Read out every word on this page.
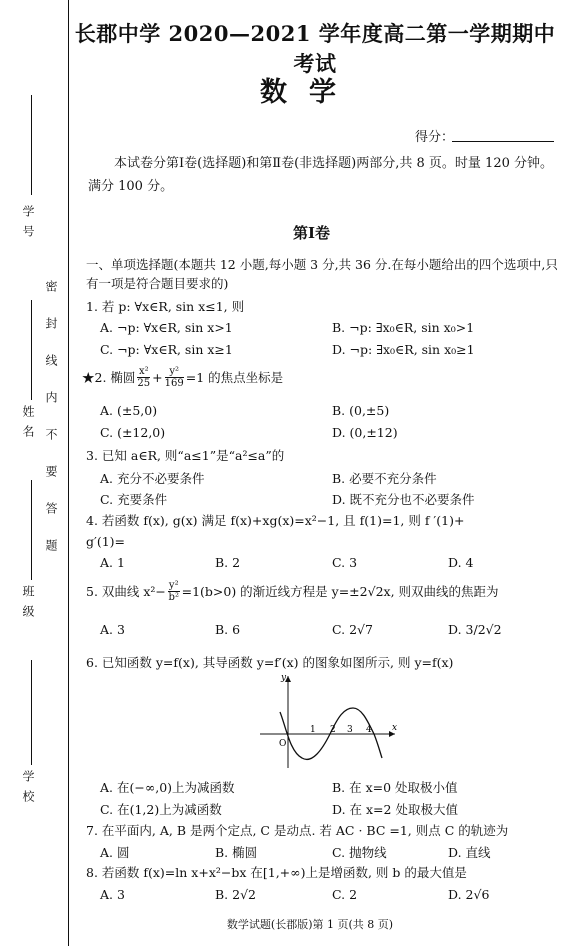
学号
姓名
班级
学校
密封线内不要答题
长郡中学 2020—2021 学年度高二第一学期期中考试
数学
得分：
本试卷分第Ⅰ卷(选择题)和第Ⅱ卷(非选择题)两部分,共 8 页。时量 120 分钟。满分 100 分。
第Ⅰ卷
一、单项选择题(本题共 12 小题,每小题 3 分,共 36 分.在每小题给出的四个选项中,只有一项是符合题目要求的)
1. 若 p: ∀x∈R, sin x≤1, 则
A. ¬p: ∀x∈R, sin x>1	B. ¬p: ∃x₀∈R, sin x₀>1
C. ¬p: ∀x∈R, sin x≥1	D. ¬p: ∃x₀∈R, sin x₀≥1
★2. 椭圆 $\frac{\text{x²}}{25} + \frac{\text{y²}}{169} =1$ 的焦点坐标是
A. (±5,0)	B. (0,±5)
C. (±12,0)	D. (0,±12)
3. 已知 a∈R, 则“a≤1”是“a²≤a”的
A. 充分不必要条件	B. 必要不充分条件
C. 充要条件	D. 既不充分也不必要条件
4. 若函数 f(x), g(x) 满足 f(x)+xg(x)=x²−1, 且 f(1)=1, 则 f ′(1)+
g′(1)=
A. 1	B. 2	C. 3	D. 4
5. 双曲线 $x^2- \frac{\text{y²}}{\text{b²}} =1(b>0)$ 的渐近线方程是 y=±2√2x, 则双曲线的焦距为
A. 3	B. 6	C. 2√7	D. 3/2√2
6. 已知函数 y=f(x), 其导函数 y=f′(x) 的图象如图所示, 则 y=f(x)
y
x
O
1 2 3 4
A. 在(−∞,0)上为减函数	B. 在 x=0 处取极小值
C. 在(1,2)上为减函数	D. 在 x=2 处取极大值
7. 在平面内, A, B 是两个定点, C 是动点. 若 AC · BC =1, 则点 C 的轨迹为
A. 圆	B. 椭圆	C. 抛物线	D. 直线
8. 若函数 f(x)=ln x+x²−bx 在[1,+∞)上是增函数, 则 b 的最大值是
A. 3	B. 2√2	C. 2	D. 2√6
数学试题(长郡版)第 1 页(共 8 页)
